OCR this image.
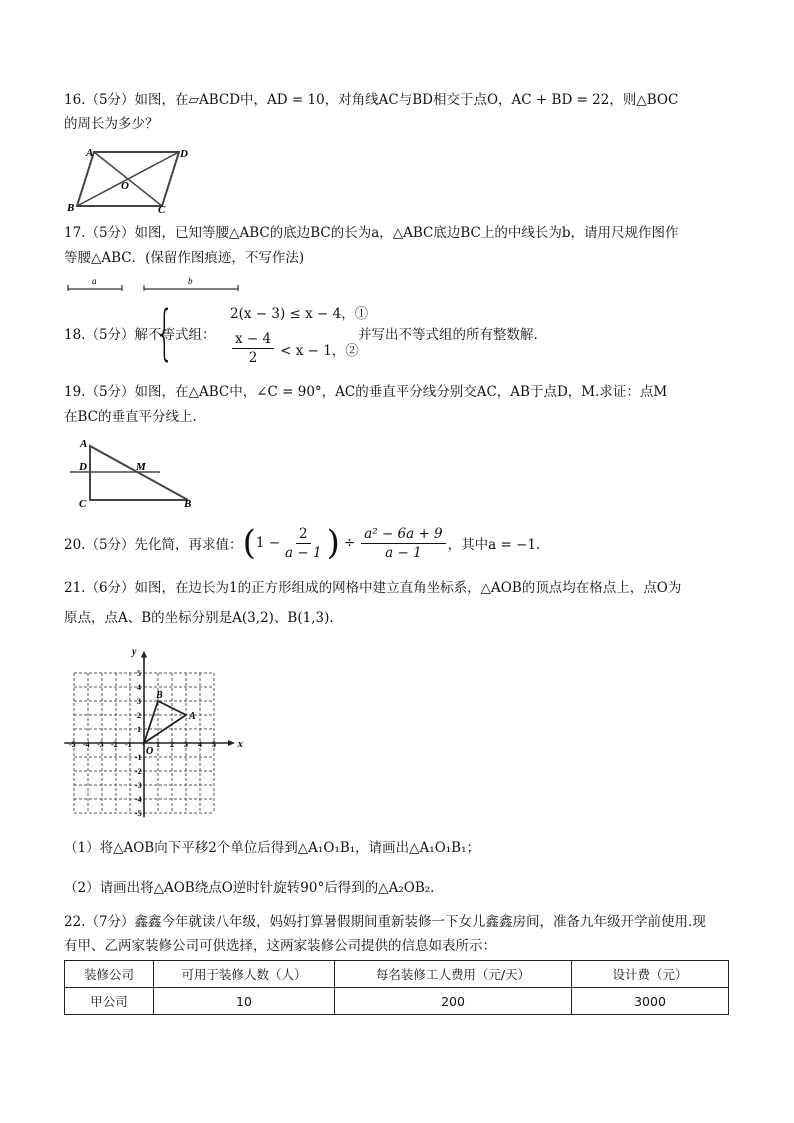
16.（5分）如图，在▱ABCD中，AD = 10，对角线AC与BD相交于点O，AC + BD = 22，则△BOC
的周长为多少？
A	D
O
B	C
17.（5分）如图，已知等腰△ABC的底边BC的长为a，△ABC底边BC上的中线长为b，请用尺规作图作
等腰△ABC．(保留作图痕迹，不写作法)
a	b
18.（5分）解不等式组：
{	2(x − 3) ≤ x − 4，①
$\frac{x - 4}{2} < x - 1$，②
并写出不等式组的所有整数解.
19.（5分）如图，在△ABC中，∠C = 90°，AC的垂直平分线分别交AC，AB于点D，M.求证：点M
在BC的垂直平分线上.
A
D	M
C	B
20.（5分）先化简，再求值： ( $1 - \frac{2}{a - 1}$ ) ÷ $\frac{\text{a² − 6a + 9}}{a - 1}$ ，其中a = −1.
21.（6分）如图，在边长为1的正方形组成的网格中建立直角坐标系，△AOB的顶点均在格点上，点O为
原点，点A、B的坐标分别是A(3,2)、B(1,3).
-5 -4 -3 -2 -1	1 2 3 4 5
5
4
3
2
1
-1
-2
-3
-4
-5
x
y
O
A
B
（1）将△AOB向下平移2个单位后得到△A₁O₁B₁，请画出△A₁O₁B₁；
（2）请画出将△AOB绕点O逆时针旋转90°后得到的△A₂OB₂.
22.（7分）鑫鑫今年就读八年级，妈妈打算暑假期间重新装修一下女儿鑫鑫房间，准备九年级开学前使用.现
有甲、乙两家装修公司可供选择，这两家装修公司提供的信息如表所示：
装修公司	可用于装修人数（人）	每名装修工人费用（元/天）	设计费（元）
甲公司	10	200	3000
